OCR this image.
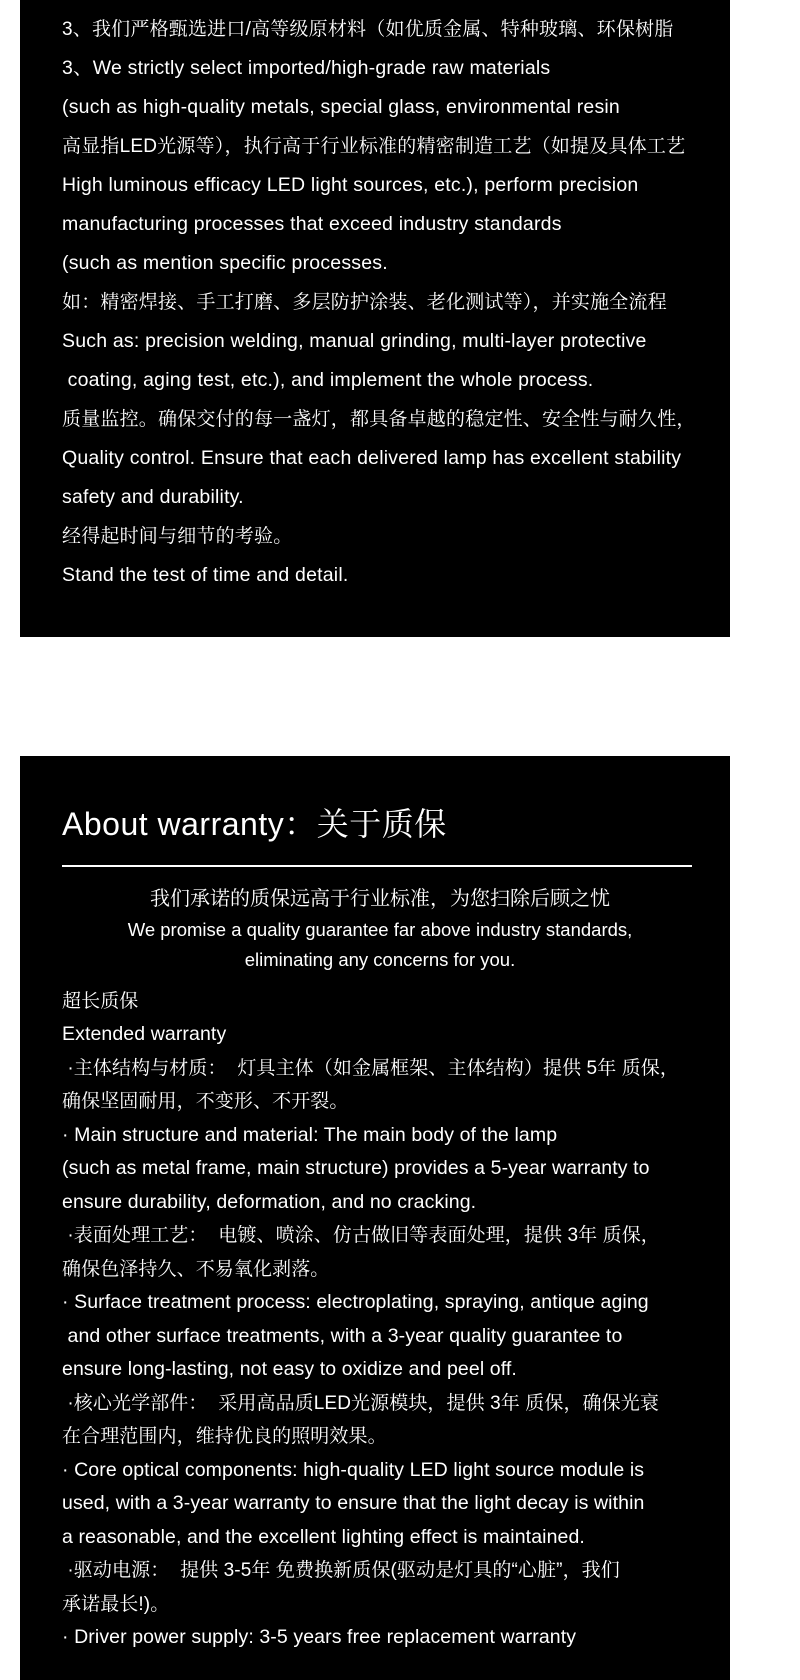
3、我们严格甄选进口/高等级原材料（如优质金属、特种玻璃、环保树脂
3、We strictly select imported/high-grade raw materials
(such as high-quality metals, special glass, environmental resin
高显指LED光源等），执行高于行业标准的精密制造工艺（如提及具体工艺
High luminous efficacy LED light sources, etc.), perform precision
manufacturing processes that exceed industry standards
(such as mention specific processes.
如：精密焊接、手工打磨、多层防护涂装、老化测试等），并实施全流程
Such as: precision welding, manual grinding, multi-layer protective
coating, aging test, etc.), and implement the whole process.
质量监控。确保交付的每一盏灯，都具备卓越的稳定性、安全性与耐久性，
Quality control. Ensure that each delivered lamp has excellent stability
safety and durability.
经得起时间与细节的考验。
Stand the test of time and detail.
About warranty：关于质保
我们承诺的质保远高于行业标准，为您扫除后顾之忧
We promise a quality guarantee far above industry standards,
eliminating any concerns for you.
超长质保
Extended warranty
·主体结构与材质：  灯具主体（如金属框架、主体结构）提供 5年 质保，
确保坚固耐用，不变形、不开裂。
· Main structure and material: The main body of the lamp
(such as metal frame, main structure) provides a 5-year warranty to
ensure durability, deformation, and no cracking.
·表面处理工艺：  电镀、喷涂、仿古做旧等表面处理，提供 3年 质保，
确保色泽持久、不易氧化剥落。
· Surface treatment process: electroplating, spraying, antique aging
and other surface treatments, with a 3-year quality guarantee to
ensure long-lasting, not easy to oxidize and peel off.
·核心光学部件：  采用高品质LED光源模块，提供 3年 质保，确保光衰
在合理范围内，维持优良的照明效果。
· Core optical components: high-quality LED light source module is
used, with a 3-year warranty to ensure that the light decay is within
a reasonable, and the excellent lighting effect is maintained.
·驱动电源：  提供 3-5年 免费换新质保(驱动是灯具的“心脏”，我们
承诺最长!)。
· Driver power supply: 3-5 years free replacement warranty
